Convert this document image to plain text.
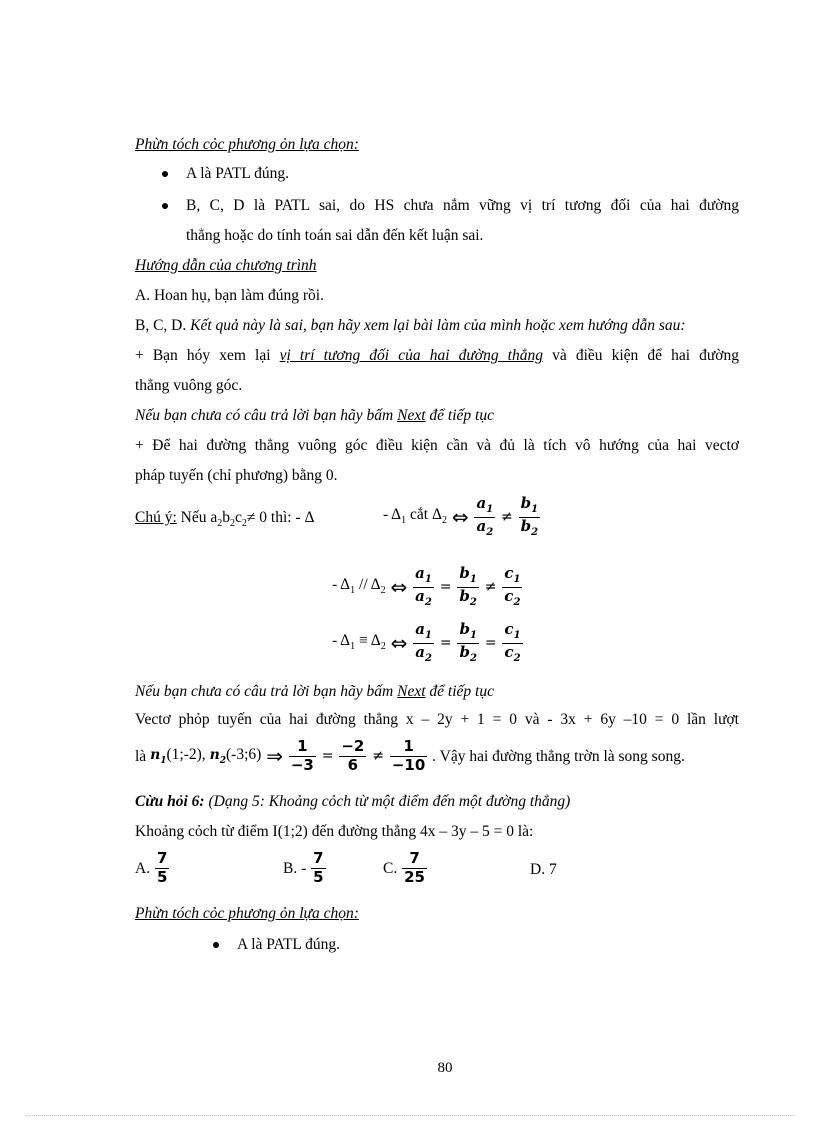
Phừn tóch cỏc phương ỏn lựa chọn:
A là PATL đúng.
B, C, D là PATL sai, do HS chưa nắm vững vị trí tương đối của hai đường
thẳng hoặc do tính toán sai dẫn đến kết luận sai.
Hướng dẫn của chương trình
A. Hoan hụ, bạn làm đúng rồi.
B, C, D. Kết quả này là sai, bạn hãy xem lại bài làm của mình hoặc xem hướng dẫn sau:
+ Bạn hóy xem lại vị trí tương đối của hai đường thẳng và điều kiện để hai đường
thẳng vuông góc.
Nếu bạn chưa có câu trả lời bạn hãy bấm Next để tiếp tục
+ Để hai đường thẳng vuông góc điều kiện cần và đủ là tích vô hướng của hai vectơ
pháp tuyến (chỉ phương) bằng 0.
Chú ý: Nếu $a_2b_2c_2\ne 0$ thì: - Δ	- $\Delta_1$ cắt $\Delta_2$ ⇔ $\frac{a_1}{a_2} \ne \frac{b_1}{b_2}$
- $\Delta_1 // \Delta_2$ ⇔ $\frac{a_1}{a_2} = \frac{b_1}{b_2} \ne \frac{c_1}{c_2}$
- $\Delta_1 \equiv \Delta_2$ ⇔ $\frac{a_1}{a_2} = \frac{b_1}{b_2} = \frac{c_1}{c_2}$
Nếu bạn chưa có câu trả lời bạn hãy bấm Next để tiếp tục
Vectơ phỏp tuyến của hai đường thẳng x – 2y + 1 = 0 và - 3x + 6y –10 = 0 lần lượt
là $n_1(1;-2)$, $n_2(-3;6)$ ⇒ $\frac{1}{-3} = \frac{-2}{6} \ne \frac{1}{-10}$ . Vậy hai đường thẳng trờn là song song.
Cừu hỏi 6: (Dạng 5: Khoảng cỏch từ một điểm đến một đường thẳng)
Khoảng cỏch từ điểm I(1;2) đến đường thẳng 4x – 3y – 5 = 0 là:
A. $\frac{7}{5}$	B. - $\frac{7}{5}$	C. $\frac{7}{25}$	D. 7
Phừn tóch cỏc phương ỏn lựa chọn:
A là PATL đúng.
80
